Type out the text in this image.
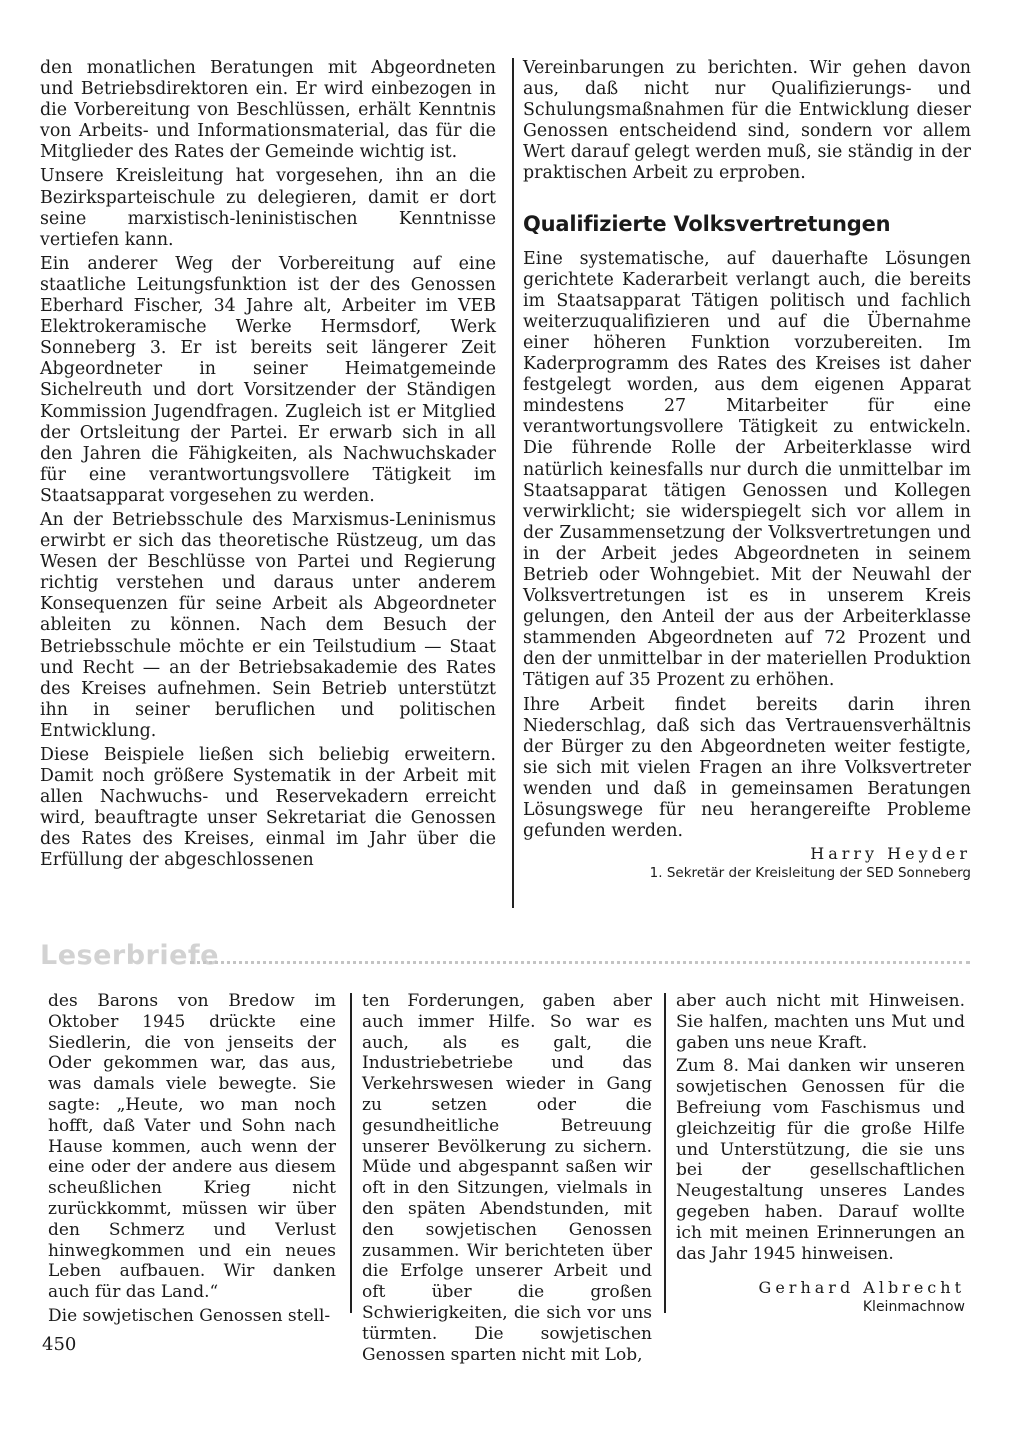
den monatlichen Beratungen mit Abgeordneten und Betriebsdirektoren ein. Er wird einbezogen in die Vorbereitung von Beschlüssen, erhält Kenntnis von Arbeits- und Informationsmaterial, das für die Mitglieder des Rates der Gemeinde wichtig ist.

Unsere Kreisleitung hat vorgesehen, ihn an die Bezirksparteischule zu delegieren, damit er dort seine marxistisch-leninistischen Kenntnisse vertiefen kann.

Ein anderer Weg der Vorbereitung auf eine staatliche Leitungsfunktion ist der des Genossen Eberhard Fischer, 34 Jahre alt, Arbeiter im VEB Elektrokeramische Werke Hermsdorf, Werk Sonneberg 3. Er ist bereits seit längerer Zeit Abgeordneter in seiner Heimatgemeinde Sichelreuth und dort Vorsitzender der Ständigen Kommission Jugendfragen. Zugleich ist er Mitglied der Ortsleitung der Partei. Er erwarb sich in all den Jahren die Fähigkeiten, als Nachwuchskader für eine verantwortungsvollere Tätigkeit im Staatsapparat vorgesehen zu werden.

An der Betriebsschule des Marxismus-Leninismus erwirbt er sich das theoretische Rüstzeug, um das Wesen der Beschlüsse von Partei und Regierung richtig verstehen und daraus unter anderem Konsequenzen für seine Arbeit als Abgeordneter ableiten zu können. Nach dem Besuch der Betriebsschule möchte er ein Teilstudium — Staat und Recht — an der Betriebsakademie des Rates des Kreises aufnehmen. Sein Betrieb unterstützt ihn in seiner beruflichen und politischen Entwicklung.

Diese Beispiele ließen sich beliebig erweitern. Damit noch größere Systematik in der Arbeit mit allen Nachwuchs- und Reservekadern erreicht wird, beauftragte unser Sekretariat die Genossen des Rates des Kreises, einmal im Jahr über die Erfüllung der abgeschlossenen

Vereinbarungen zu berichten. Wir gehen davon aus, daß nicht nur Qualifizierungs- und Schulungsmaßnahmen für die Entwicklung dieser Genossen entscheidend sind, sondern vor allem Wert darauf gelegt werden muß, sie ständig in der praktischen Arbeit zu erproben.

Qualifizierte Volksvertretungen

Eine systematische, auf dauerhafte Lösungen gerichtete Kaderarbeit verlangt auch, die bereits im Staatsapparat Tätigen politisch und fachlich weiterzuqualifizieren und auf die Übernahme einer höheren Funktion vorzubereiten. Im Kaderprogramm des Rates des Kreises ist daher festgelegt worden, aus dem eigenen Apparat mindestens 27 Mitarbeiter für eine verantwortungsvollere Tätigkeit zu entwickeln. Die führende Rolle der Arbeiterklasse wird natürlich keinesfalls nur durch die unmittelbar im Staatsapparat tätigen Genossen und Kollegen verwirklicht; sie widerspiegelt sich vor allem in der Zusammensetzung der Volksvertretungen und in der Arbeit jedes Abgeordneten in seinem Betrieb oder Wohngebiet. Mit der Neuwahl der Volksvertretungen ist es in unserem Kreis gelungen, den Anteil der aus der Arbeiterklasse stammenden Abgeordneten auf 72 Prozent und den der unmittelbar in der materiellen Produktion Tätigen auf 35 Prozent zu erhöhen.

Ihre Arbeit findet bereits darin ihren Niederschlag, daß sich das Vertrauensverhältnis der Bürger zu den Abgeordneten weiter festigte, sie sich mit vielen Fragen an ihre Volksvertreter wenden und daß in gemeinsamen Beratungen Lösungswege für neu herangereifte Probleme gefunden werden.

Harry Heyder
1. Sekretär der Kreisleitung der SED Sonneberg
Leserbriefe

des Barons von Bredow im Oktober 1945 drückte eine Siedlerin, die von jenseits der Oder gekommen war, das aus, was damals viele bewegte. Sie sagte: „Heute, wo man noch hofft, daß Vater und Sohn nach Hause kommen, auch wenn der eine oder der andere aus diesem scheußlichen Krieg nicht zurückkommt, müssen wir über den Schmerz und Verlust hinwegkommen und ein neues Leben aufbauen. Wir danken auch für das Land.“

Die sowjetischen Genossen stell-

ten Forderungen, gaben aber auch immer Hilfe. So war es auch, als es galt, die Industriebetriebe und das Verkehrswesen wieder in Gang zu setzen oder die gesundheitliche Betreuung unserer Bevölkerung zu sichern. Müde und abgespannt saßen wir oft in den Sitzungen, vielmals in den späten Abendstunden, mit den sowjetischen Genossen zusammen. Wir berichteten über die Erfolge unserer Arbeit und oft über die großen Schwierigkeiten, die sich vor uns türmten. Die sowjetischen Genossen sparten nicht mit Lob,

aber auch nicht mit Hinweisen. Sie halfen, machten uns Mut und gaben uns neue Kraft.

Zum 8. Mai danken wir unseren sowjetischen Genossen für die Befreiung vom Faschismus und gleichzeitig für die große Hilfe und Unterstützung, die sie uns bei der gesellschaftlichen Neugestaltung unseres Landes gegeben haben. Darauf wollte ich mit meinen Erinnerungen an das Jahr 1945 hinweisen.

Gerhard Albrecht
Kleinmachnow
450
